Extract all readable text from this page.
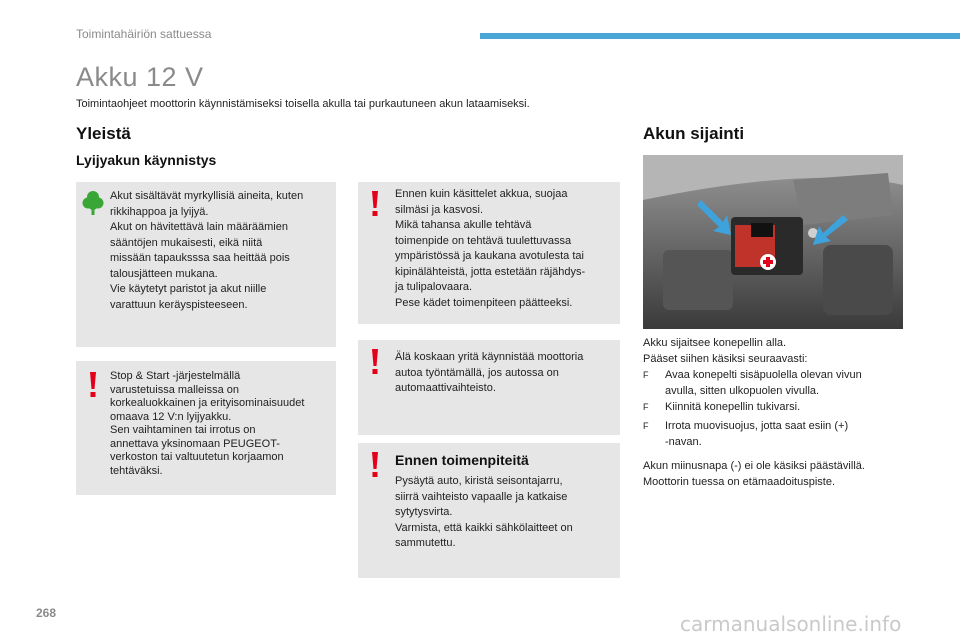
Toimintahäiriön sattuessa
Akku 12 V
Toimintaohjeet moottorin käynnistämiseksi toisella akulla tai purkautuneen akun lataamiseksi.
Yleistä
Lyijyakun käynnistys
Akut sisältävät myrkyllisiä aineita, kuten
rikkihappoa ja lyijyä.
Akut on hävitettävä lain määräämien
sääntöjen mukaisesti, eikä niitä
missään tapauksssa saa heittää pois
talousjätteen mukana.
Vie käytetyt paristot ja akut niille
varattuun keräyspisteeseen.
Stop & Start -järjestelmällä
varustetuissa malleissa on
korkealuokkainen ja erityisominaisuudet
omaava 12 V:n lyijyakku.
Sen vaihtaminen tai irrotus on
annettava yksinomaan PEUGEOT-
verkoston tai valtuutetun korjaamon
tehtäväksi.
Ennen kuin käsittelet akkua, suojaa
silmäsi ja kasvosi.
Mikä tahansa akulle tehtävä
toimenpide on tehtävä tuulettuvassa
ympäristössä ja kaukana avotulesta tai
kipinälähteistä, jotta estetään räjähdys-
ja tulipalovaara.
Pese kädet toimenpiteen päätteeksi.
Älä koskaan yritä käynnistää moottoria
autoa työntämällä, jos autossa on
automaattivaihteisto.
Ennen toimenpiteitä
Pysäytä auto, kiristä seisontajarru,
siirrä vaihteisto vapaalle ja katkaise
sytytysvirta.
Varmista, että kaikki sähkölaitteet on
sammutettu.
Akun sijainti
Akku sijaitsee konepellin alla.
Pääset siihen käsiksi seuraavasti:
F Avaa konepelti sisäpuolella olevan vivun
avulla, sitten ulkopuolen vivulla.
F Kiinnitä konepellin tukivarsi.
F Irrota muovisuojus, jotta saat esiin (+)
-navan.
Akun miinusnapa (-) ei ole käsiksi päästävillä.
Moottorin tuessa on etämaadoituspiste.
268	carmanualsonline.info
